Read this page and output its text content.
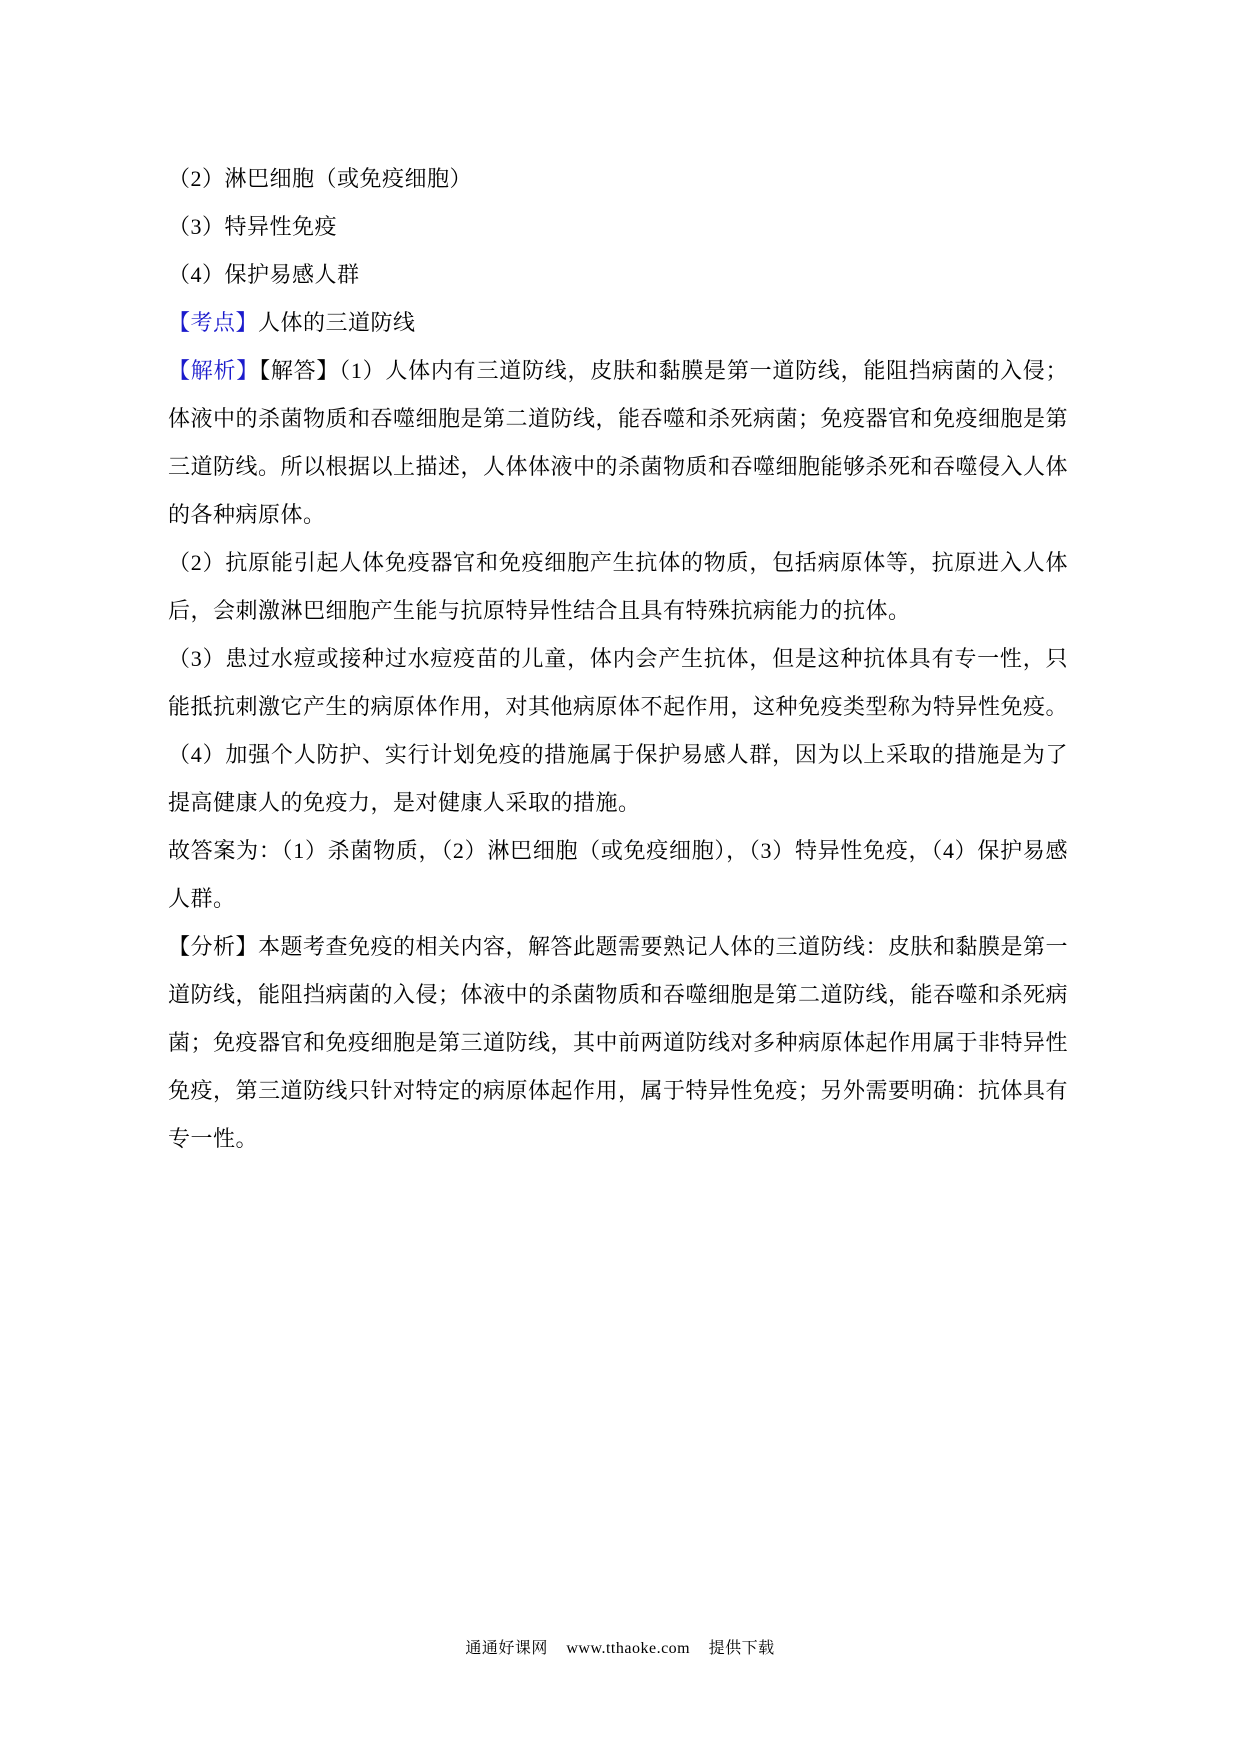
（2）淋巴细胞（或免疫细胞）

（3）特异性免疫

（4）保护易感人群

【考点】人体的三道防线

【解析】【解答】（1）人体内有三道防线，皮肤和黏膜是第一道防线，能阻挡病菌的入侵；体液中的杀菌物质和吞噬细胞是第二道防线，能吞噬和杀死病菌；免疫器官和免疫细胞是第三道防线。所以根据以上描述，人体体液中的杀菌物质和吞噬细胞能够杀死和吞噬侵入人体的各种病原体。

（2）抗原能引起人体免疫器官和免疫细胞产生抗体的物质，包括病原体等，抗原进入人体后，会刺激淋巴细胞产生能与抗原特异性结合且具有特殊抗病能力的抗体。

（3）患过水痘或接种过水痘疫苗的儿童，体内会产生抗体，但是这种抗体具有专一性，只能抵抗刺激它产生的病原体作用，对其他病原体不起作用，这种免疫类型称为特异性免疫。

（4）加强个人防护、实行计划免疫的措施属于保护易感人群，因为以上采取的措施是为了提高健康人的免疫力，是对健康人采取的措施。

故答案为：（1）杀菌物质，（2）淋巴细胞（或免疫细胞），（3）特异性免疫，（4）保护易感人群。

【分析】本题考查免疫的相关内容，解答此题需要熟记人体的三道防线：皮肤和黏膜是第一道防线，能阻挡病菌的入侵；体液中的杀菌物质和吞噬细胞是第二道防线，能吞噬和杀死病菌；免疫器官和免疫细胞是第三道防线，其中前两道防线对多种病原体起作用属于非特异性免疫，第三道防线只针对特定的病原体起作用，属于特异性免疫；另外需要明确：抗体具有专一性。

通通好课网 www.tthaoke.com 提供下载
